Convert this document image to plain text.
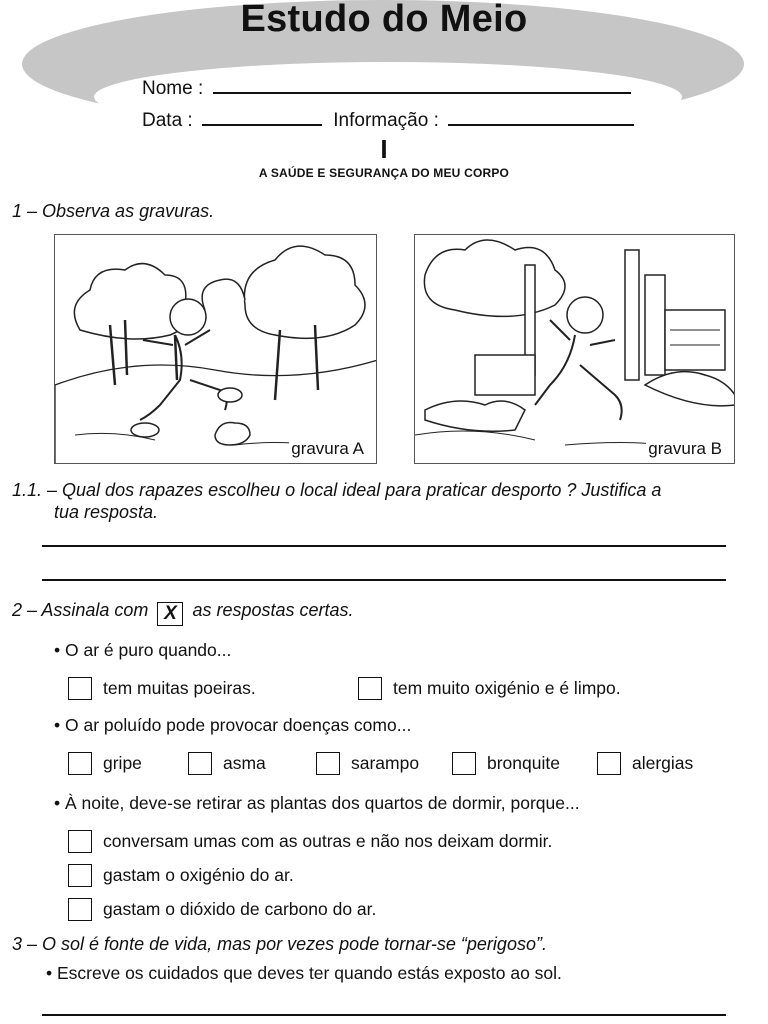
Estudo do Meio
Nome :
Data :	Informação :
I
A SAÚDE E SEGURANÇA DO MEU CORPO
1 – Observa as gravuras.
gravura A	gravura B
1.1. – Qual dos rapazes escolheu o local ideal para praticar desporto ? Justifica a
tua resposta.
2 – Assinala com X as respostas certas.
• O ar é puro quando...
tem muitas poeiras.	tem muito oxigénio e é limpo.
• O ar poluído pode provocar doenças como...
gripe	asma	sarampo	bronquite	alergias
• À noite, deve-se retirar as plantas dos quartos de dormir, porque...
conversam umas com as outras e não nos deixam dormir.
gastam o oxigénio do ar.
gastam o dióxido de carbono do ar.
3 – O sol é fonte de vida, mas por vezes pode tornar-se “perigoso”.
• Escreve os cuidados que deves ter quando estás exposto ao sol.
